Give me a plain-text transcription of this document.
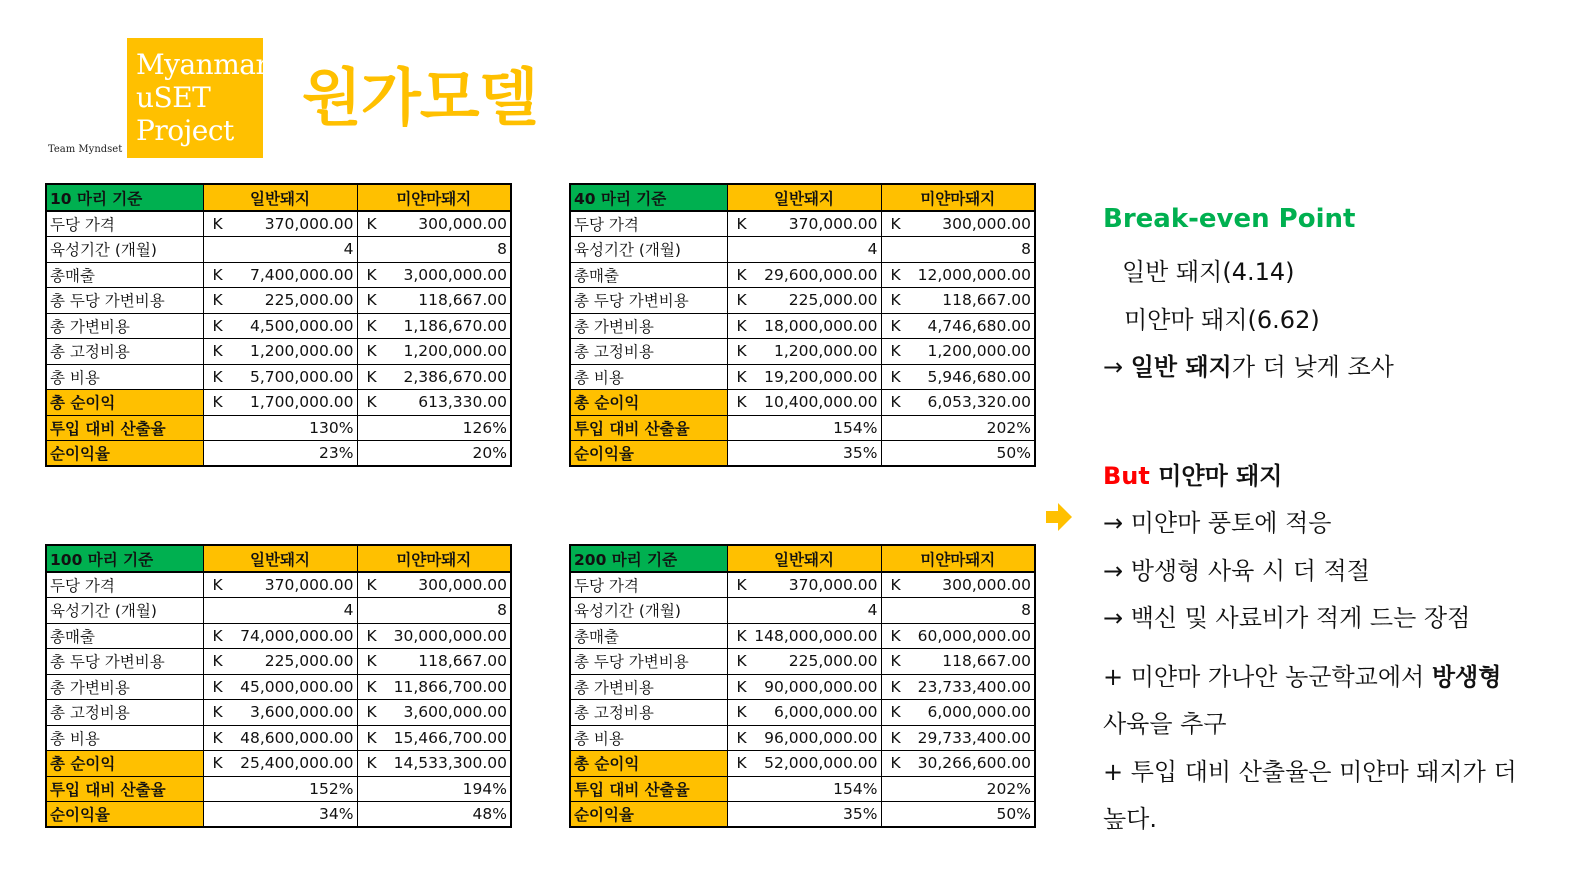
Myanmar
uSET
Project
Team Myndset
원가모델
10 마리 기준	일반돼지	미얀마돼지
두당 가격	K 370,000.00	K 300,000.00

육성기간 (개월)	4	8
총매출	K 7,400,000.00	K 3,000,000.00

총 두당 가변비용	K 225,000.00	K 118,667.00

총 가변비용	K 4,500,000.00	K 1,186,670.00

총 고정비용	K 1,200,000.00	K 1,200,000.00

총 비용	K 5,700,000.00	K 2,386,670.00

총 순이익	K 1,700,000.00	K 613,330.00

투입 대비 산출율	130%	126%
순이익율	23%	20%
40 마리 기준	일반돼지	미얀마돼지
두당 가격	K 370,000.00	K 300,000.00

육성기간 (개월)	4	8
총매출	K 29,600,000.00	K 12,000,000.00

총 두당 가변비용	K 225,000.00	K 118,667.00

총 가변비용	K 18,000,000.00	K 4,746,680.00

총 고정비용	K 1,200,000.00	K 1,200,000.00

총 비용	K 19,200,000.00	K 5,946,680.00

총 순이익	K 10,400,000.00	K 6,053,320.00

투입 대비 산출율	154%	202%
순이익율	35%	50%
100 마리 기준	일반돼지	미얀마돼지
두당 가격	K 370,000.00	K 300,000.00

육성기간 (개월)	4	8
총매출	K 74,000,000.00	K 30,000,000.00

총 두당 가변비용	K 225,000.00	K 118,667.00

총 가변비용	K 45,000,000.00	K 11,866,700.00

총 고정비용	K 3,600,000.00	K 3,600,000.00

총 비용	K 48,600,000.00	K 15,466,700.00

총 순이익	K 25,400,000.00	K 14,533,300.00

투입 대비 산출율	152%	194%
순이익율	34%	48%
200 마리 기준	일반돼지	미얀마돼지
두당 가격	K 370,000.00	K 300,000.00

육성기간 (개월)	4	8
총매출	K 148,000,000.00	K 60,000,000.00

총 두당 가변비용	K 225,000.00	K 118,667.00

총 가변비용	K 90,000,000.00	K 23,733,400.00

총 고정비용	K 6,000,000.00	K 6,000,000.00

총 비용	K 96,000,000.00	K 29,733,400.00

총 순이익	K 52,000,000.00	K 30,266,600.00

투입 대비 산출율	154%	202%
순이익율	35%	50%
Break-even Point
일반 돼지(4.14)
미얀마 돼지(6.62)
→ 일반 돼지가 더 낮게 조사
But 미얀마 돼지
→ 미얀마 풍토에 적응
→ 방생형 사육 시 더 적절
→ 백신 및 사료비가 적게 드는 장점
+ 미얀마 가나안 농군학교에서 방생형
사육을 추구
+ 투입 대비 산출율은 미얀마 돼지가 더
높다.
